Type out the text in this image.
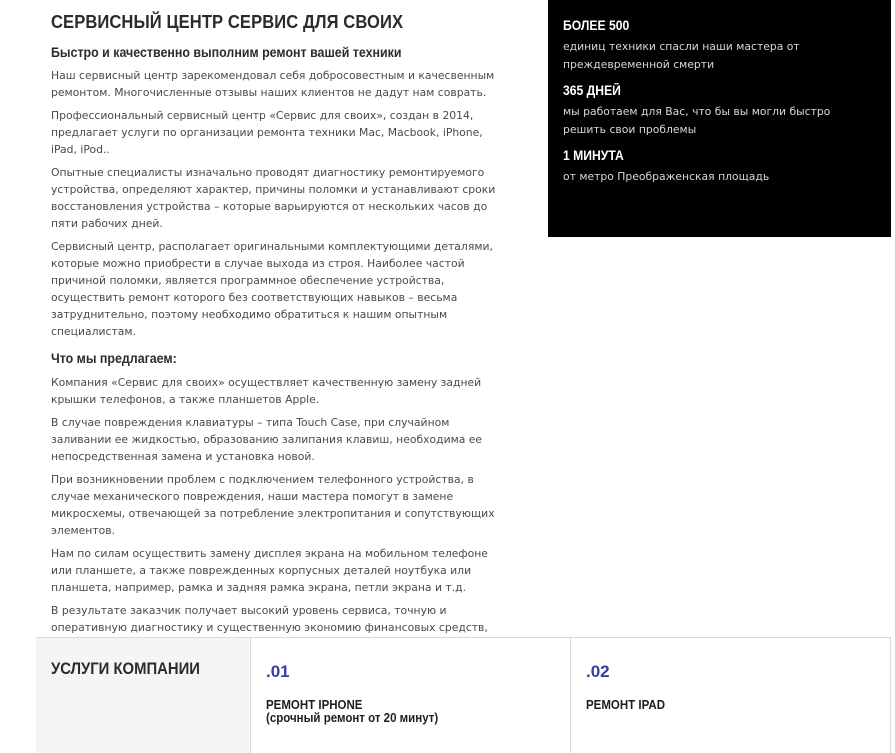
СЕРВИСНЫЙ ЦЕНТР СЕРВИС ДЛЯ СВОИХ
Быстро и качественно выполним ремонт вашей техники

Наш сервисный центр зарекомендовал себя добросовестным и качесвенным ремонтом. Многочисленные отзывы наших клиентов не дадут нам соврать.

Профессиональный сервисный центр «Сервис для своих», создан в 2014, предлагает услуги по организации ремонта техники Mac, Macbook, iPhone, iPad, iPod..

Опытные специалисты изначально проводят диагностику ремонтируемого устройства, определяют характер, причины поломки и устанавливают сроки восстановления устройства – которые варьируются от нескольких часов до пяти рабочих дней.

Сервисный центр, располагает оригинальными комплектующими деталями, которые можно приобрести в случае выхода из строя. Наиболее частой причиной поломки, является программное обеспечение устройства, осуществить ремонт которого без соответствующих навыков – весьма затруднительно, поэтому необходимо обратиться к нашим опытным специалистам.

Что мы предлагаем:

Компания «Сервис для своих» осуществляет качественную замену задней крышки телефонов, а также планшетов Apple.

В случае повреждения клавиатуры – типа Touch Case, при случайном заливании ее жидкостью, образованию залипания клавиш, необходима ее непосредственная замена и установка новой.

При возникновении проблем с подключением телефонного устройства, в случае механического повреждения, наши мастера помогут в замене микросхемы, отвечающей за потребление электропитания и сопутствующих элементов.

Нам по силам осуществить замену дисплея экрана на мобильном телефоне или планшете, а также поврежденных корпусных деталей ноутбука или планшета, например, рамка и задняя рамка экрана, петли экрана и т.д.

В результате заказчик получает высокий уровень сервиса, точную и оперативную диагностику и существенную экономию финансовых средств,

БОЛЕЕ 500
единиц техники спасли наши мастера от преждевременной смерти
365 ДНЕЙ
мы работаем для Вас, что бы вы могли быстро решить свои проблемы
1 МИНУТА
от метро Преображенская площадь
УСЛУГИ КОМПАНИИ	.01
РЕМОНТ IPHONE
(срочный ремонт от 20 минут)
.02
РЕМОНТ IPAD
